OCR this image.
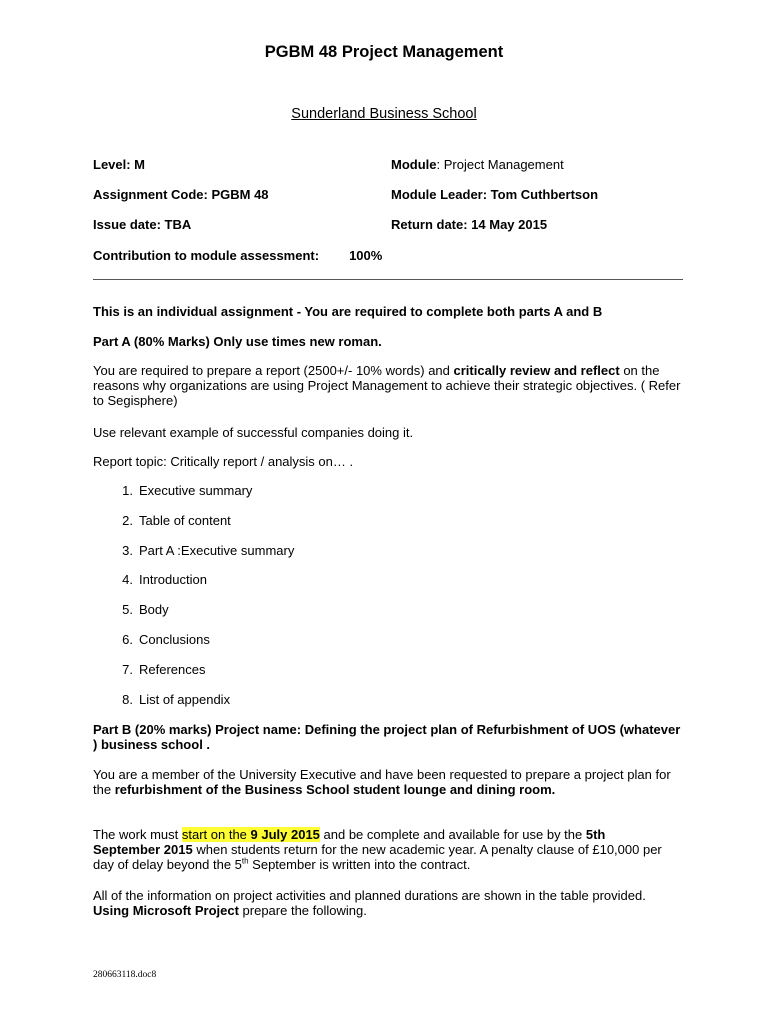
PGBM 48 Project Management
Sunderland Business School
Level: M	Module: Project Management
Assignment Code: PGBM 48	Module Leader: Tom Cuthbertson
Issue date: TBA	Return date: 14 May 2015
Contribution to module assessment: 100%
This is an individual assignment - You are required to complete both parts A and B
Part A (80% Marks) Only use times new roman.
You are required to prepare a report (2500+/- 10% words) and critically review and reflect on the reasons why organizations are using Project Management to achieve their strategic objectives. ( Refer to Segisphere)
Use relevant example of successful companies doing it.
Report topic: Critically report / analysis on… .
1. Executive summary
2. Table of content
3. Part A :Executive summary
4. Introduction
5. Body
6. Conclusions
7. References
8. List of appendix
Part B (20% marks) Project name: Defining the project plan of Refurbishment of UOS (whatever ) business school .
You are a member of the University Executive and have been requested to prepare a project plan for the refurbishment of the Business School student lounge and dining room.
The work must start on the 9 July 2015 and be complete and available for use by the 5th September 2015 when students return for the new academic year. A penalty clause of £10,000 per day of delay beyond the 5th September is written into the contract.
All of the information on project activities and planned durations are shown in the table provided. Using Microsoft Project prepare the following.
280663118.doc8
